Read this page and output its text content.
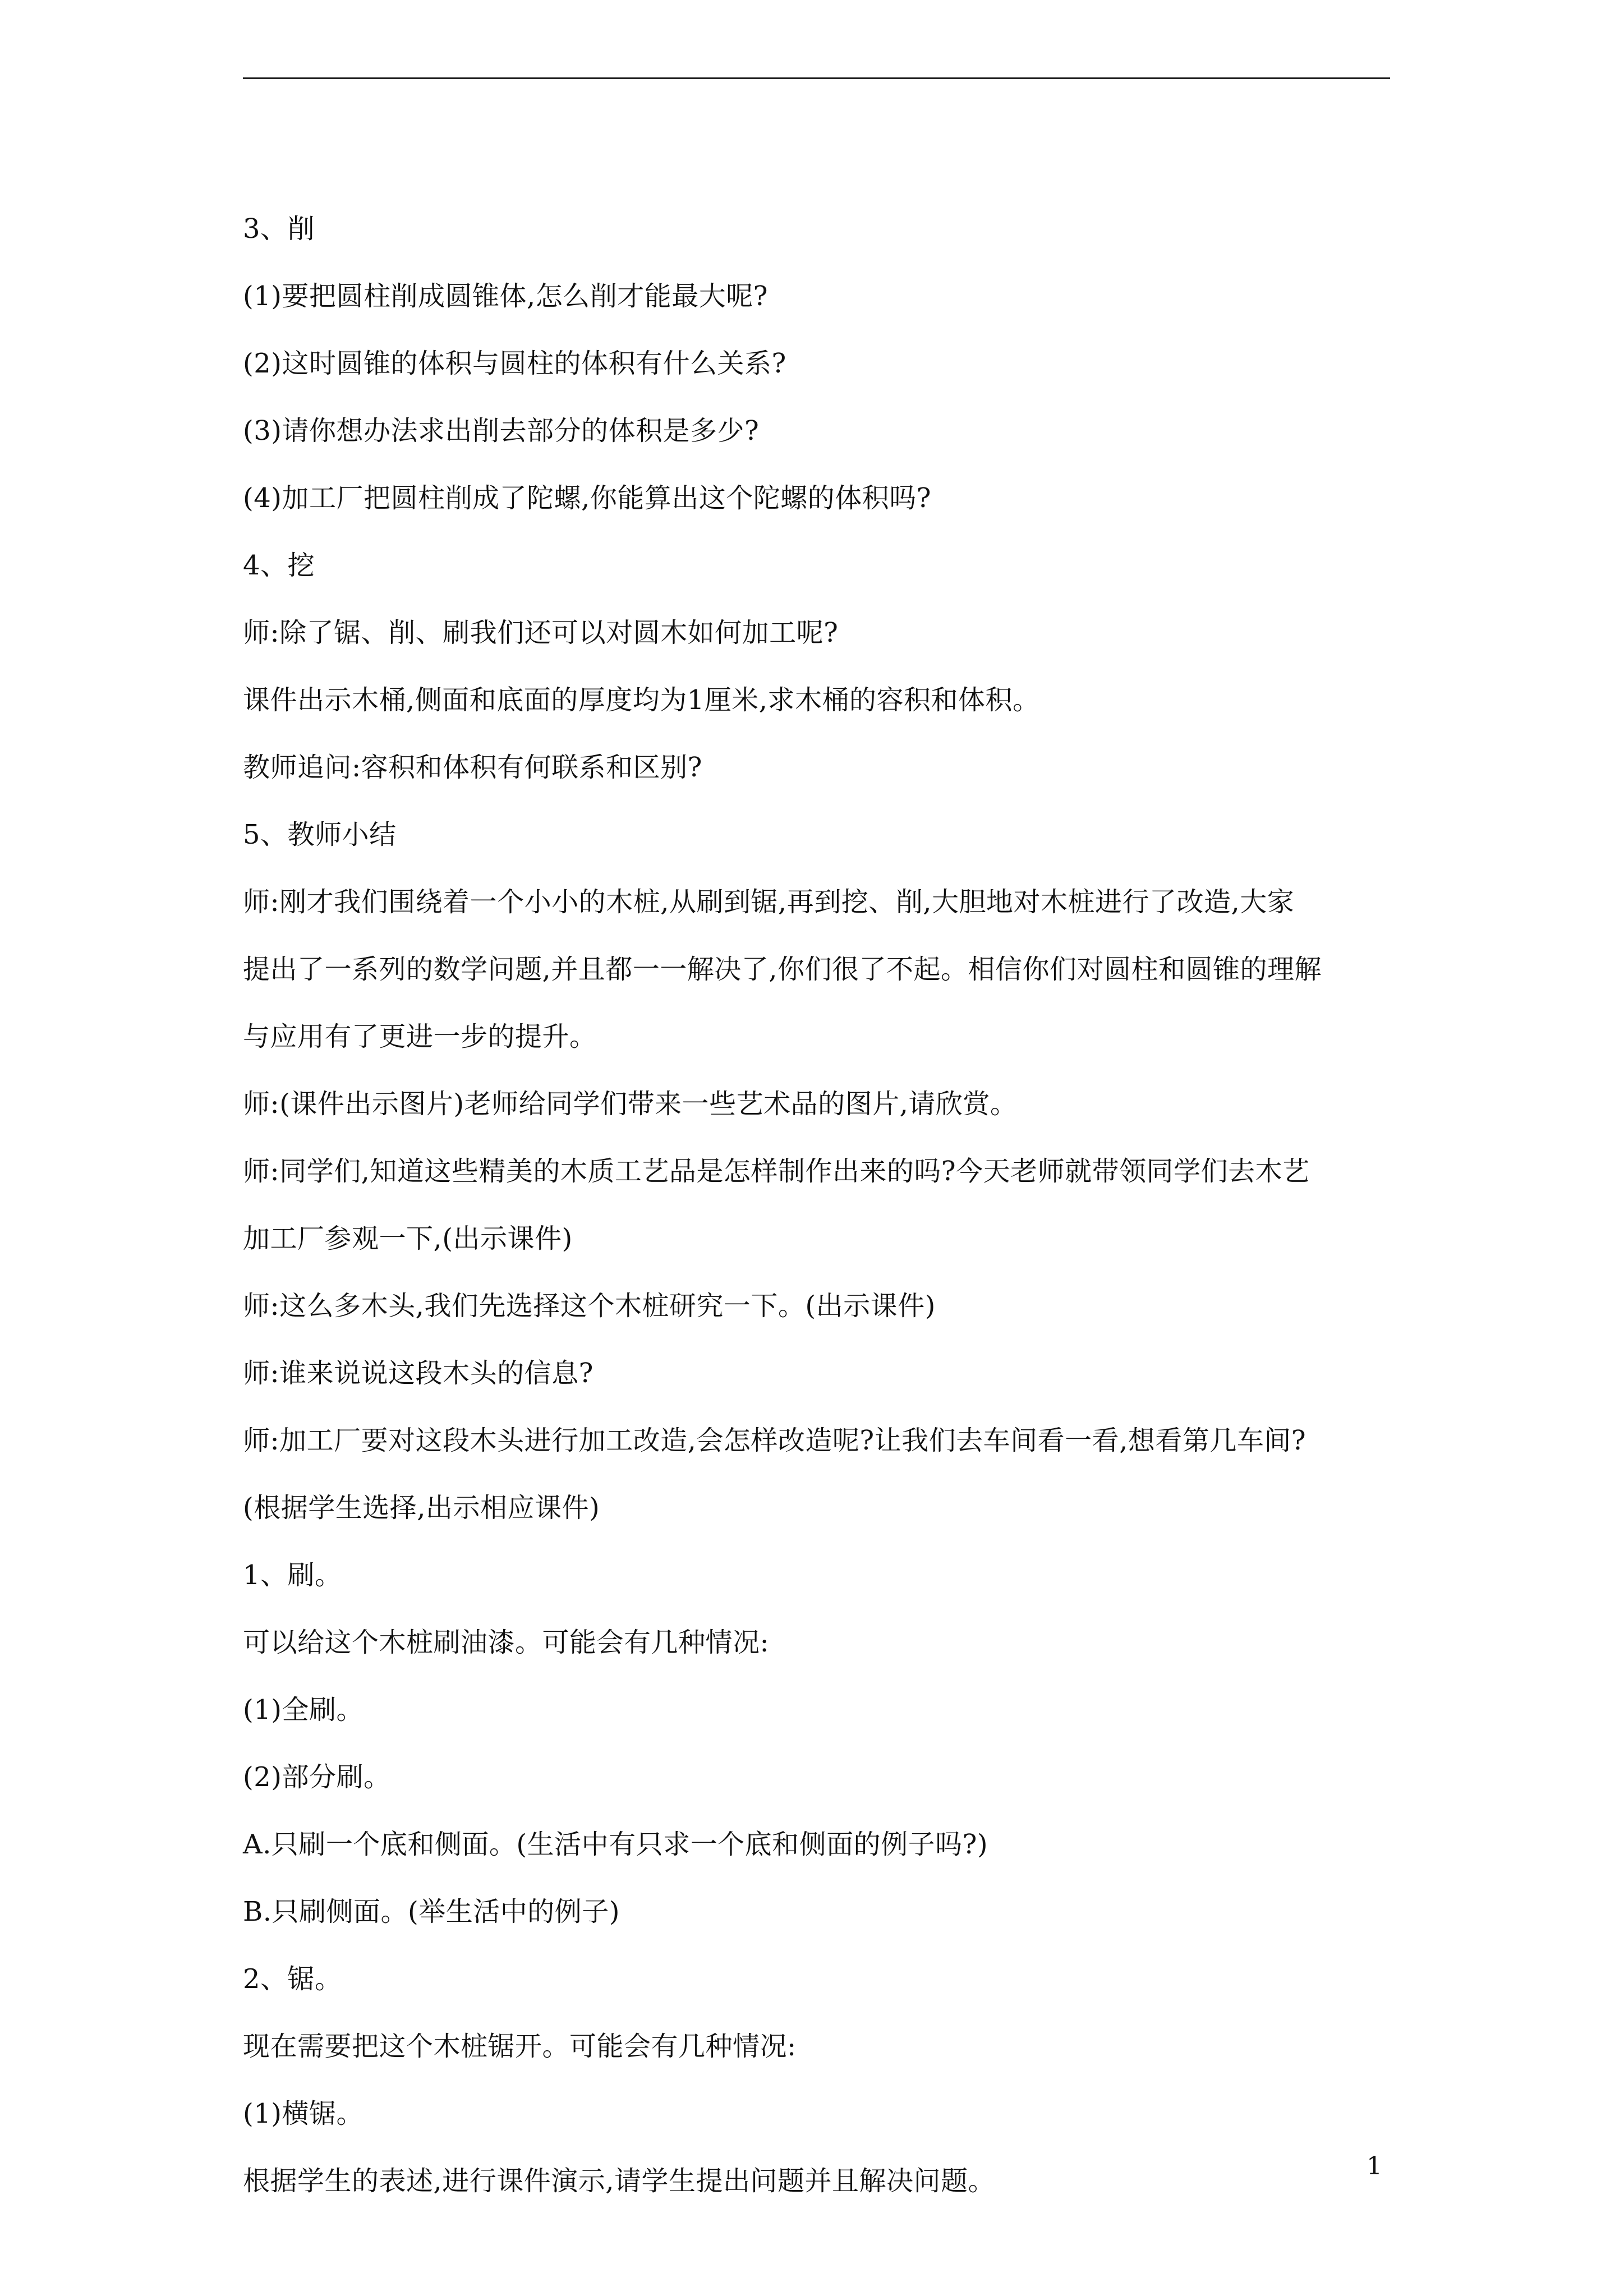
3、削
(1)要把圆柱削成圆锥体,怎么削才能最大呢?
(2)这时圆锥的体积与圆柱的体积有什么关系?
(3)请你想办法求出削去部分的体积是多少?
(4)加工厂把圆柱削成了陀螺,你能算出这个陀螺的体积吗?
4、挖
师:除了锯、削、刷我们还可以对圆木如何加工呢?
课件出示木桶,侧面和底面的厚度均为1厘米,求木桶的容积和体积。
教师追问:容积和体积有何联系和区别?
5、教师小结
师:刚才我们围绕着一个小小的木桩,从刷到锯,再到挖、削,大胆地对木桩进行了改造,大家
提出了一系列的数学问题,并且都一一解决了,你们很了不起。相信你们对圆柱和圆锥的理解
与应用有了更进一步的提升。
师:(课件出示图片)老师给同学们带来一些艺术品的图片,请欣赏。
师:同学们,知道这些精美的木质工艺品是怎样制作出来的吗?今天老师就带领同学们去木艺
加工厂参观一下,(出示课件)
师:这么多木头,我们先选择这个木桩研究一下。(出示课件)
师:谁来说说这段木头的信息?
师:加工厂要对这段木头进行加工改造,会怎样改造呢?让我们去车间看一看,想看第几车间?
(根据学生选择,出示相应课件)
1、刷。
可以给这个木桩刷油漆。可能会有几种情况:
(1)全刷。
(2)部分刷。
A.只刷一个底和侧面。(生活中有只求一个底和侧面的例子吗?)
B.只刷侧面。(举生活中的例子)
2、锯。
现在需要把这个木桩锯开。可能会有几种情况:
(1)横锯。
根据学生的表述,进行课件演示,请学生提出问题并且解决问题。	1
